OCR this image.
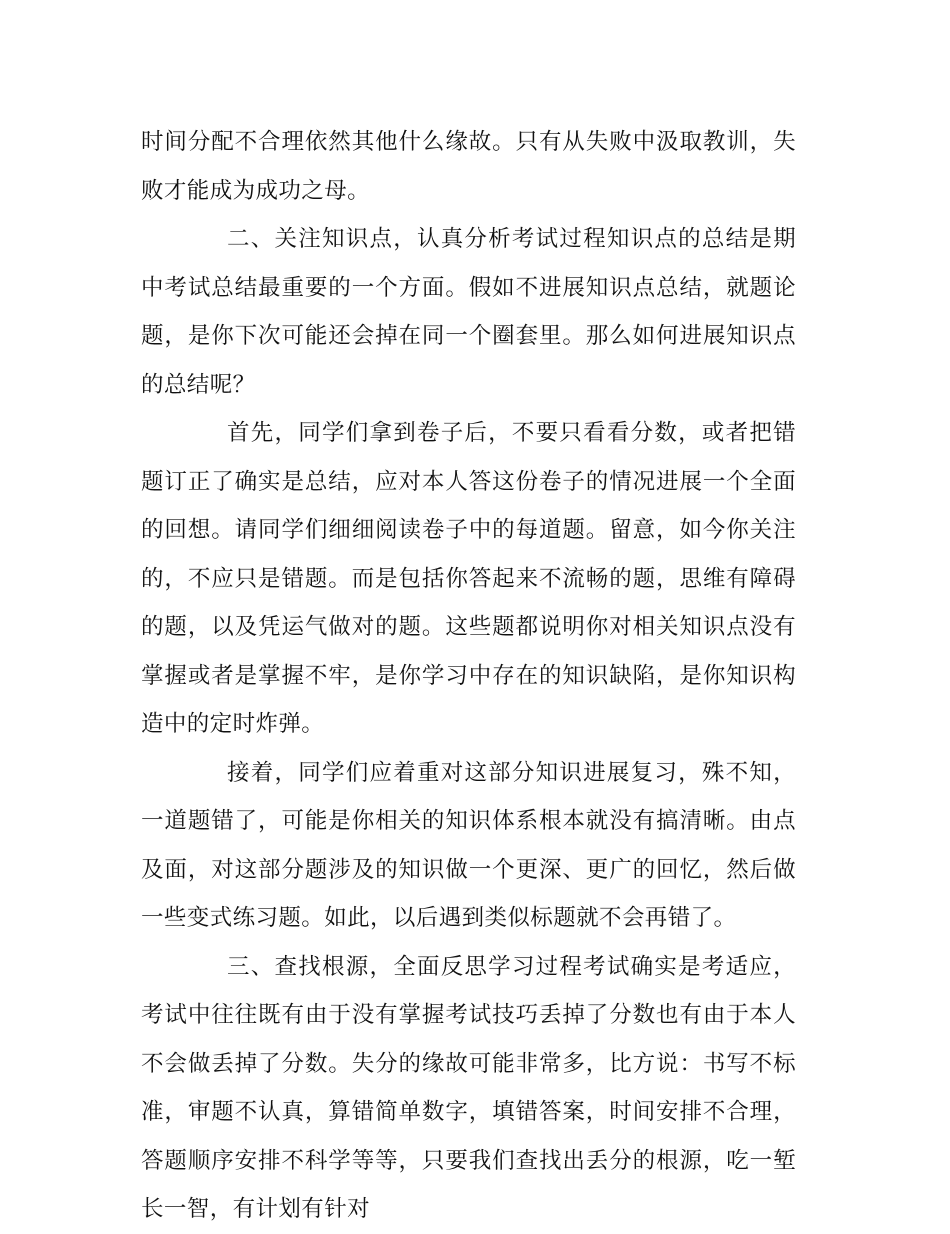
时间分配不合理依然其他什么缘故。只有从失败中汲取教训，失败才能成为成功之母。

二、关注知识点，认真分析考试过程知识点的总结是期中考试总结最重要的一个方面。假如不进展知识点总结，就题论题，是你下次可能还会掉在同一个圈套里。那么如何进展知识点的总结呢？

首先，同学们拿到卷子后，不要只看看分数，或者把错题订正了确实是总结，应对本人答这份卷子的情况进展一个全面的回想。请同学们细细阅读卷子中的每道题。留意，如今你关注的，不应只是错题。而是包括你答起来不流畅的题，思维有障碍的题，以及凭运气做对的题。这些题都说明你对相关知识点没有掌握或者是掌握不牢，是你学习中存在的知识缺陷，是你知识构造中的定时炸弹。

接着，同学们应着重对这部分知识进展复习，殊不知，一道题错了，可能是你相关的知识体系根本就没有搞清晰。由点及面，对这部分题涉及的知识做一个更深、更广的回忆，然后做一些变式练习题。如此，以后遇到类似标题就不会再错了。

三、查找根源，全面反思学习过程考试确实是考适应，考试中往往既有由于没有掌握考试技巧丢掉了分数也有由于本人不会做丢掉了分数。失分的缘故可能非常多，比方说：书写不标准，审题不认真，算错简单数字，填错答案，时间安排不合理，答题顺序安排不科学等等，只要我们查找出丢分的根源，吃一堑长一智，有计划有针对
